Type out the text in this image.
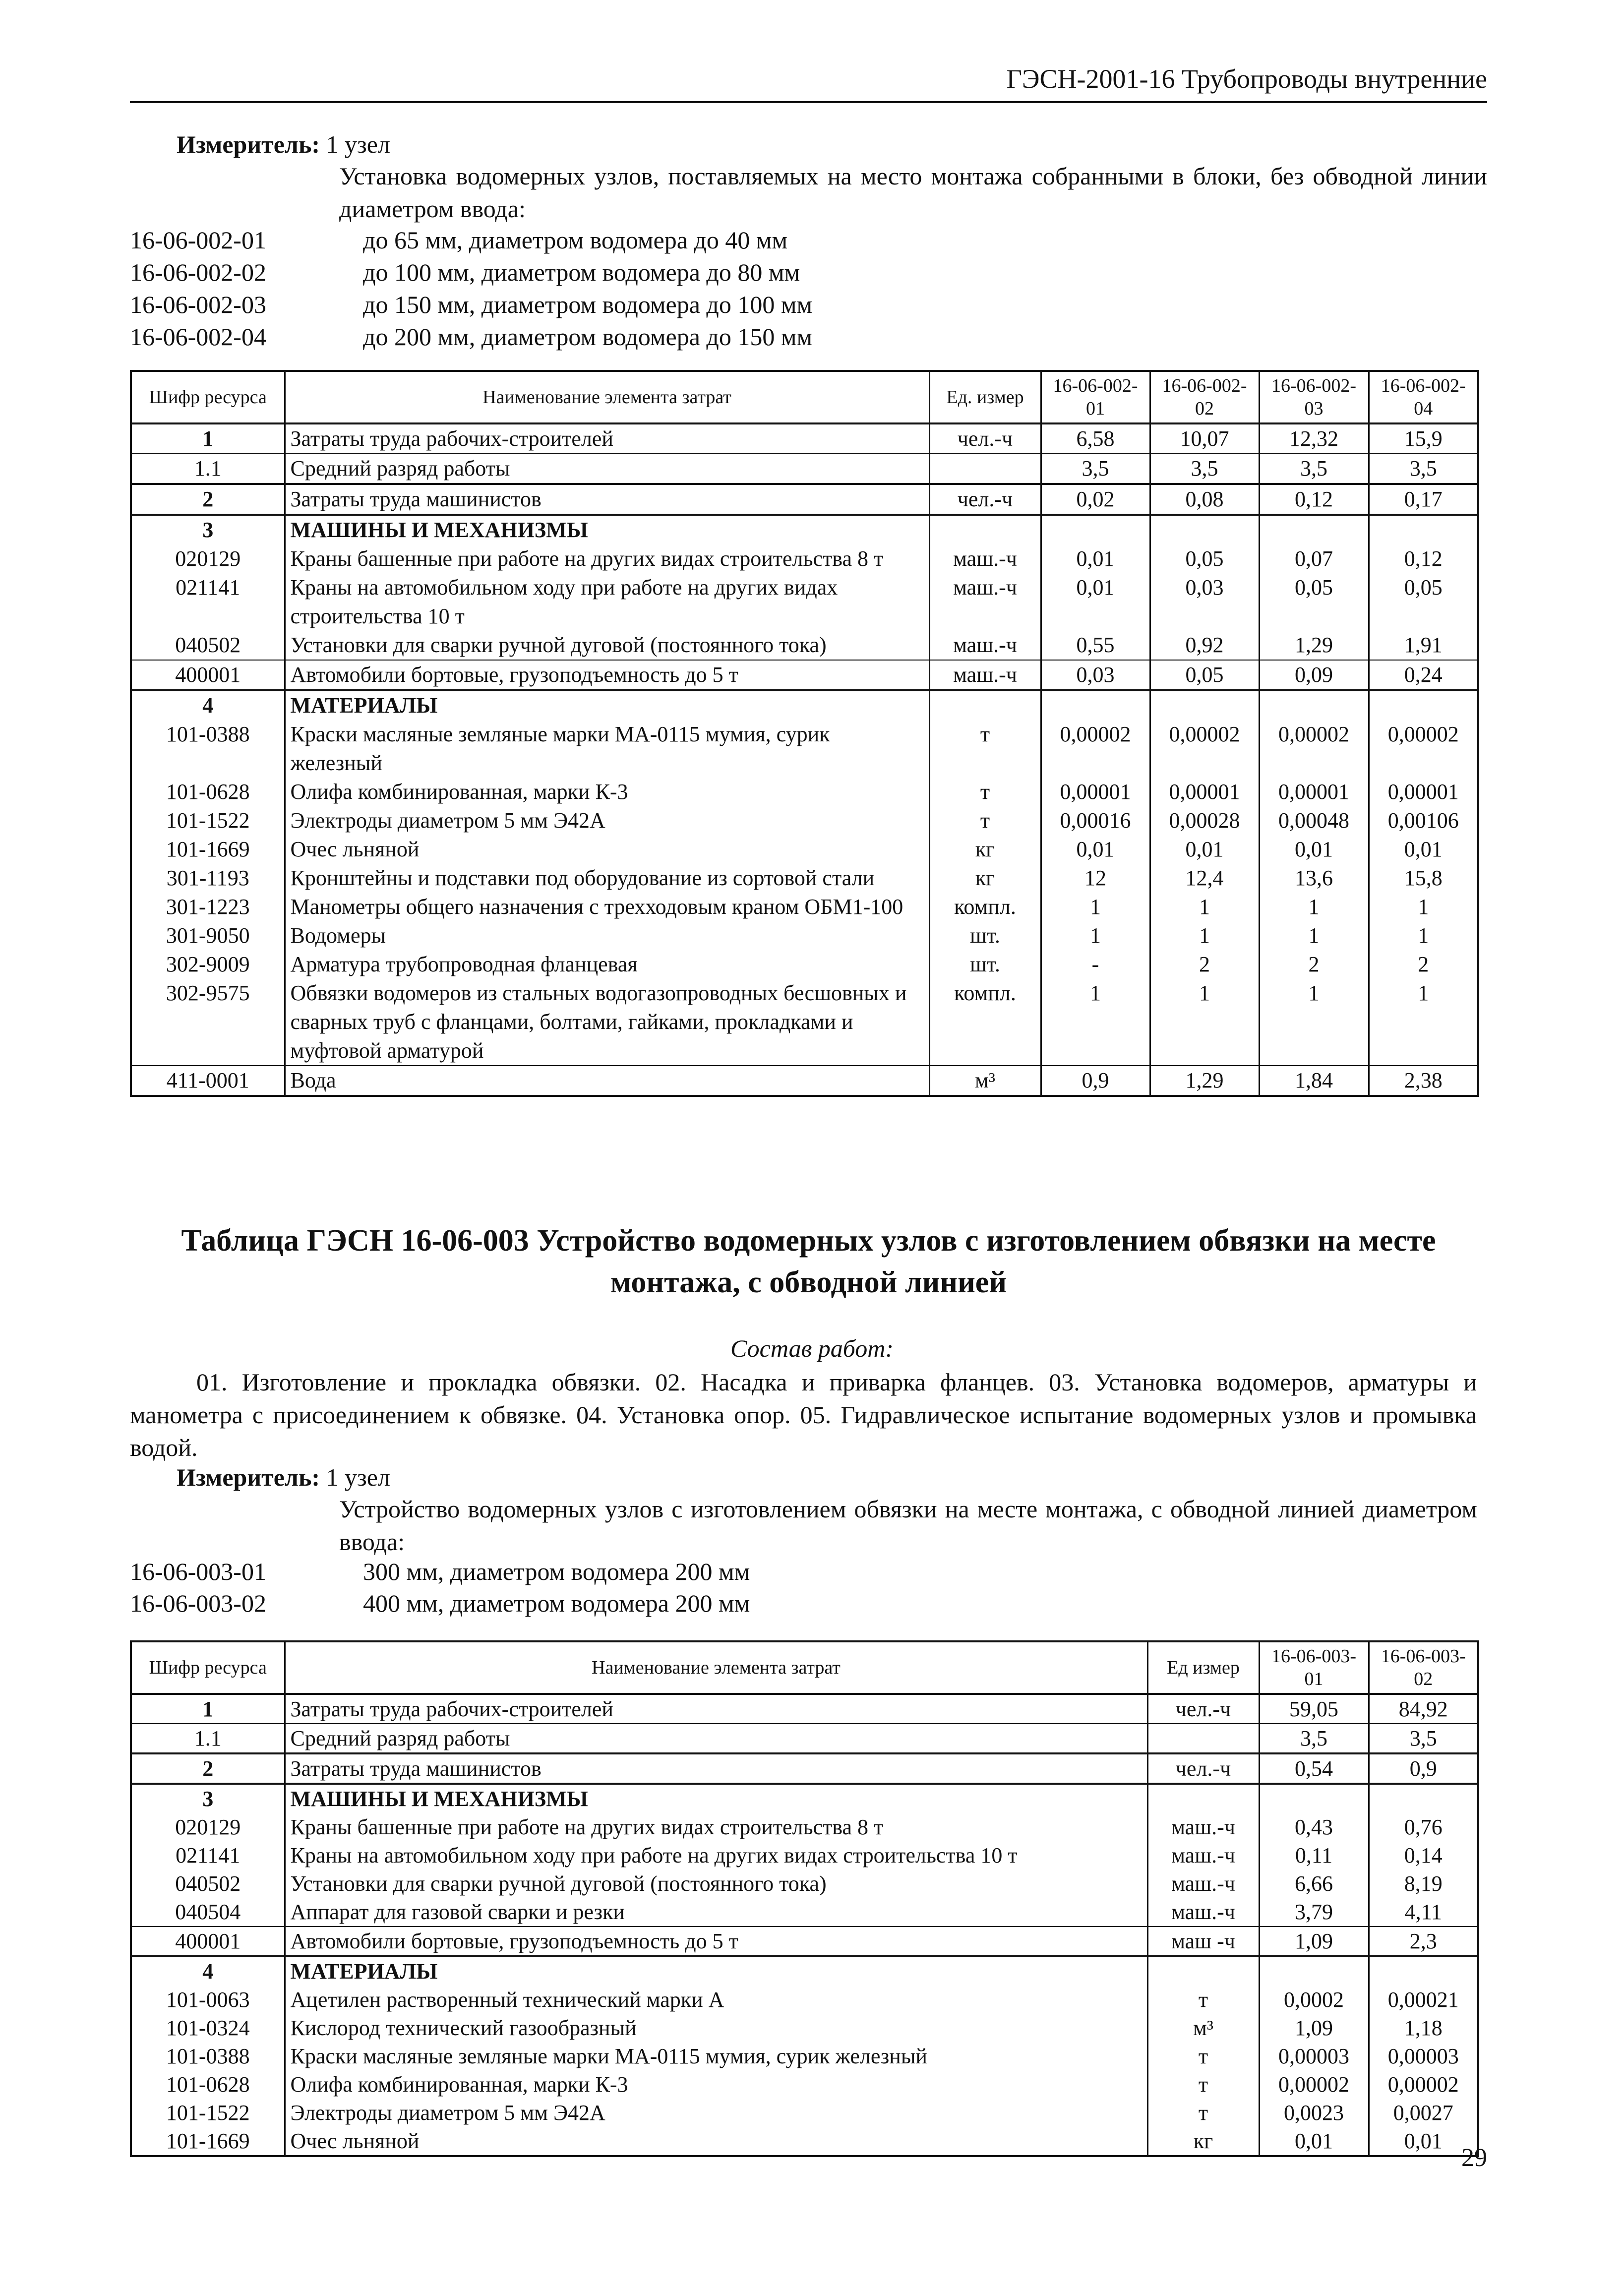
ГЭСН-2001-16 Трубопроводы внутренние
Измеритель: 1 узел
Установка водомерных узлов, поставляемых на место монтажа собранными в блоки, без обводной линии диаметром ввода:
16-06-002-01	до 65 мм, диаметром водомера до 40 мм
16-06-002-02	до 100 мм, диаметром водомера до 80 мм
16-06-002-03	до 150 мм, диаметром водомера до 100 мм
16-06-002-04	до 200 мм, диаметром водомера до 150 мм
Шифр ресурса	Наименование элемента затрат	Ед. измер	16-06-002-01	16-06-002-02	16-06-002-03	16-06-002-04
1	Затраты труда рабочих-строителей	чел.-ч	6,58	10,07	12,32	15,9
1.1	Средний разряд работы		3,5	3,5	3,5	3,5
2	Затраты труда машинистов	чел.-ч	0,02	0,08	0,12	0,17
3	МАШИНЫ И МЕХАНИЗМЫ					
020129	Краны башенные при работе на других видах строительства 8 т	маш.-ч	0,01	0,05	0,07	0,12
021141	Краны на автомобильном ходу при работе на других видах строительства 10 т	маш.-ч	0,01	0,03	0,05	0,05
040502	Установки для сварки ручной дуговой (постоянного тока)	маш.-ч	0,55	0,92	1,29	1,91
400001	Автомобили бортовые, грузоподъемность до 5 т	маш.-ч	0,03	0,05	0,09	0,24
4	МАТЕРИАЛЫ					
101-0388	Краски масляные земляные марки МА-0115 мумия, сурик железный	т	0,00002	0,00002	0,00002	0,00002
101-0628	Олифа комбинированная, марки К-3	т	0,00001	0,00001	0,00001	0,00001
101-1522	Электроды диаметром 5 мм Э42А	т	0,00016	0,00028	0,00048	0,00106
101-1669	Очес льняной	кг	0,01	0,01	0,01	0,01
301-1193	Кронштейны и подставки под оборудование из сортовой стали	кг	12	12,4	13,6	15,8
301-1223	Манометры общего назначения с трехходовым краном ОБМ1-100	компл.	1	1	1	1
301-9050	Водомеры	шт.	1	1	1	1
302-9009	Арматура трубопроводная фланцевая	шт.	-	2	2	2
302-9575	Обвязки водомеров из стальных водогазопроводных бесшовных и сварных труб с фланцами, болтами, гайками, прокладками и муфтовой арматурой	компл.	1	1	1	1
411-0001	Вода	м³	0,9	1,29	1,84	2,38
Таблица ГЭСН 16-06-003 Устройство водомерных узлов с изготовлением обвязки на месте монтажа, с обводной линией
Состав работ:
01. Изготовление и прокладка обвязки. 02. Насадка и приварка фланцев. 03. Установка водомеров, арматуры и манометра с присоединением к обвязке. 04. Установка опор. 05. Гидравлическое испытание водомерных узлов и промывка водой.
Измеритель: 1 узел
Устройство водомерных узлов с изготовлением обвязки на месте монтажа, с обводной линией диаметром ввода:
16-06-003-01	300 мм, диаметром водомера 200 мм
16-06-003-02	400 мм, диаметром водомера 200 мм
Шифр ресурса	Наименование элемента затрат	Ед измер	16-06-003-01	16-06-003-02
1	Затраты труда рабочих-строителей	чел.-ч	59,05	84,92
1.1	Средний разряд работы		3,5	3,5
2	Затраты труда машинистов	чел.-ч	0,54	0,9
3	МАШИНЫ И МЕХАНИЗМЫ			
020129	Краны башенные при работе на других видах строительства 8 т	маш.-ч	0,43	0,76
021141	Краны на автомобильном ходу при работе на других видах строительства 10 т	маш.-ч	0,11	0,14
040502	Установки для сварки ручной дуговой (постоянного тока)	маш.-ч	6,66	8,19
040504	Аппарат для газовой сварки и резки	маш.-ч	3,79	4,11
400001	Автомобили бортовые, грузоподъемность до 5 т	маш -ч	1,09	2,3
4	МАТЕРИАЛЫ			
101-0063	Ацетилен растворенный технический марки А	т	0,0002	0,00021
101-0324	Кислород технический газообразный	м³	1,09	1,18
101-0388	Краски масляные земляные марки МА-0115 мумия, сурик железный	т	0,00003	0,00003
101-0628	Олифа комбинированная, марки К-3	т	0,00002	0,00002
101-1522	Электроды диаметром 5 мм Э42А	т	0,0023	0,0027
101-1669	Очес льняной	кг	0,01	0,01
29
